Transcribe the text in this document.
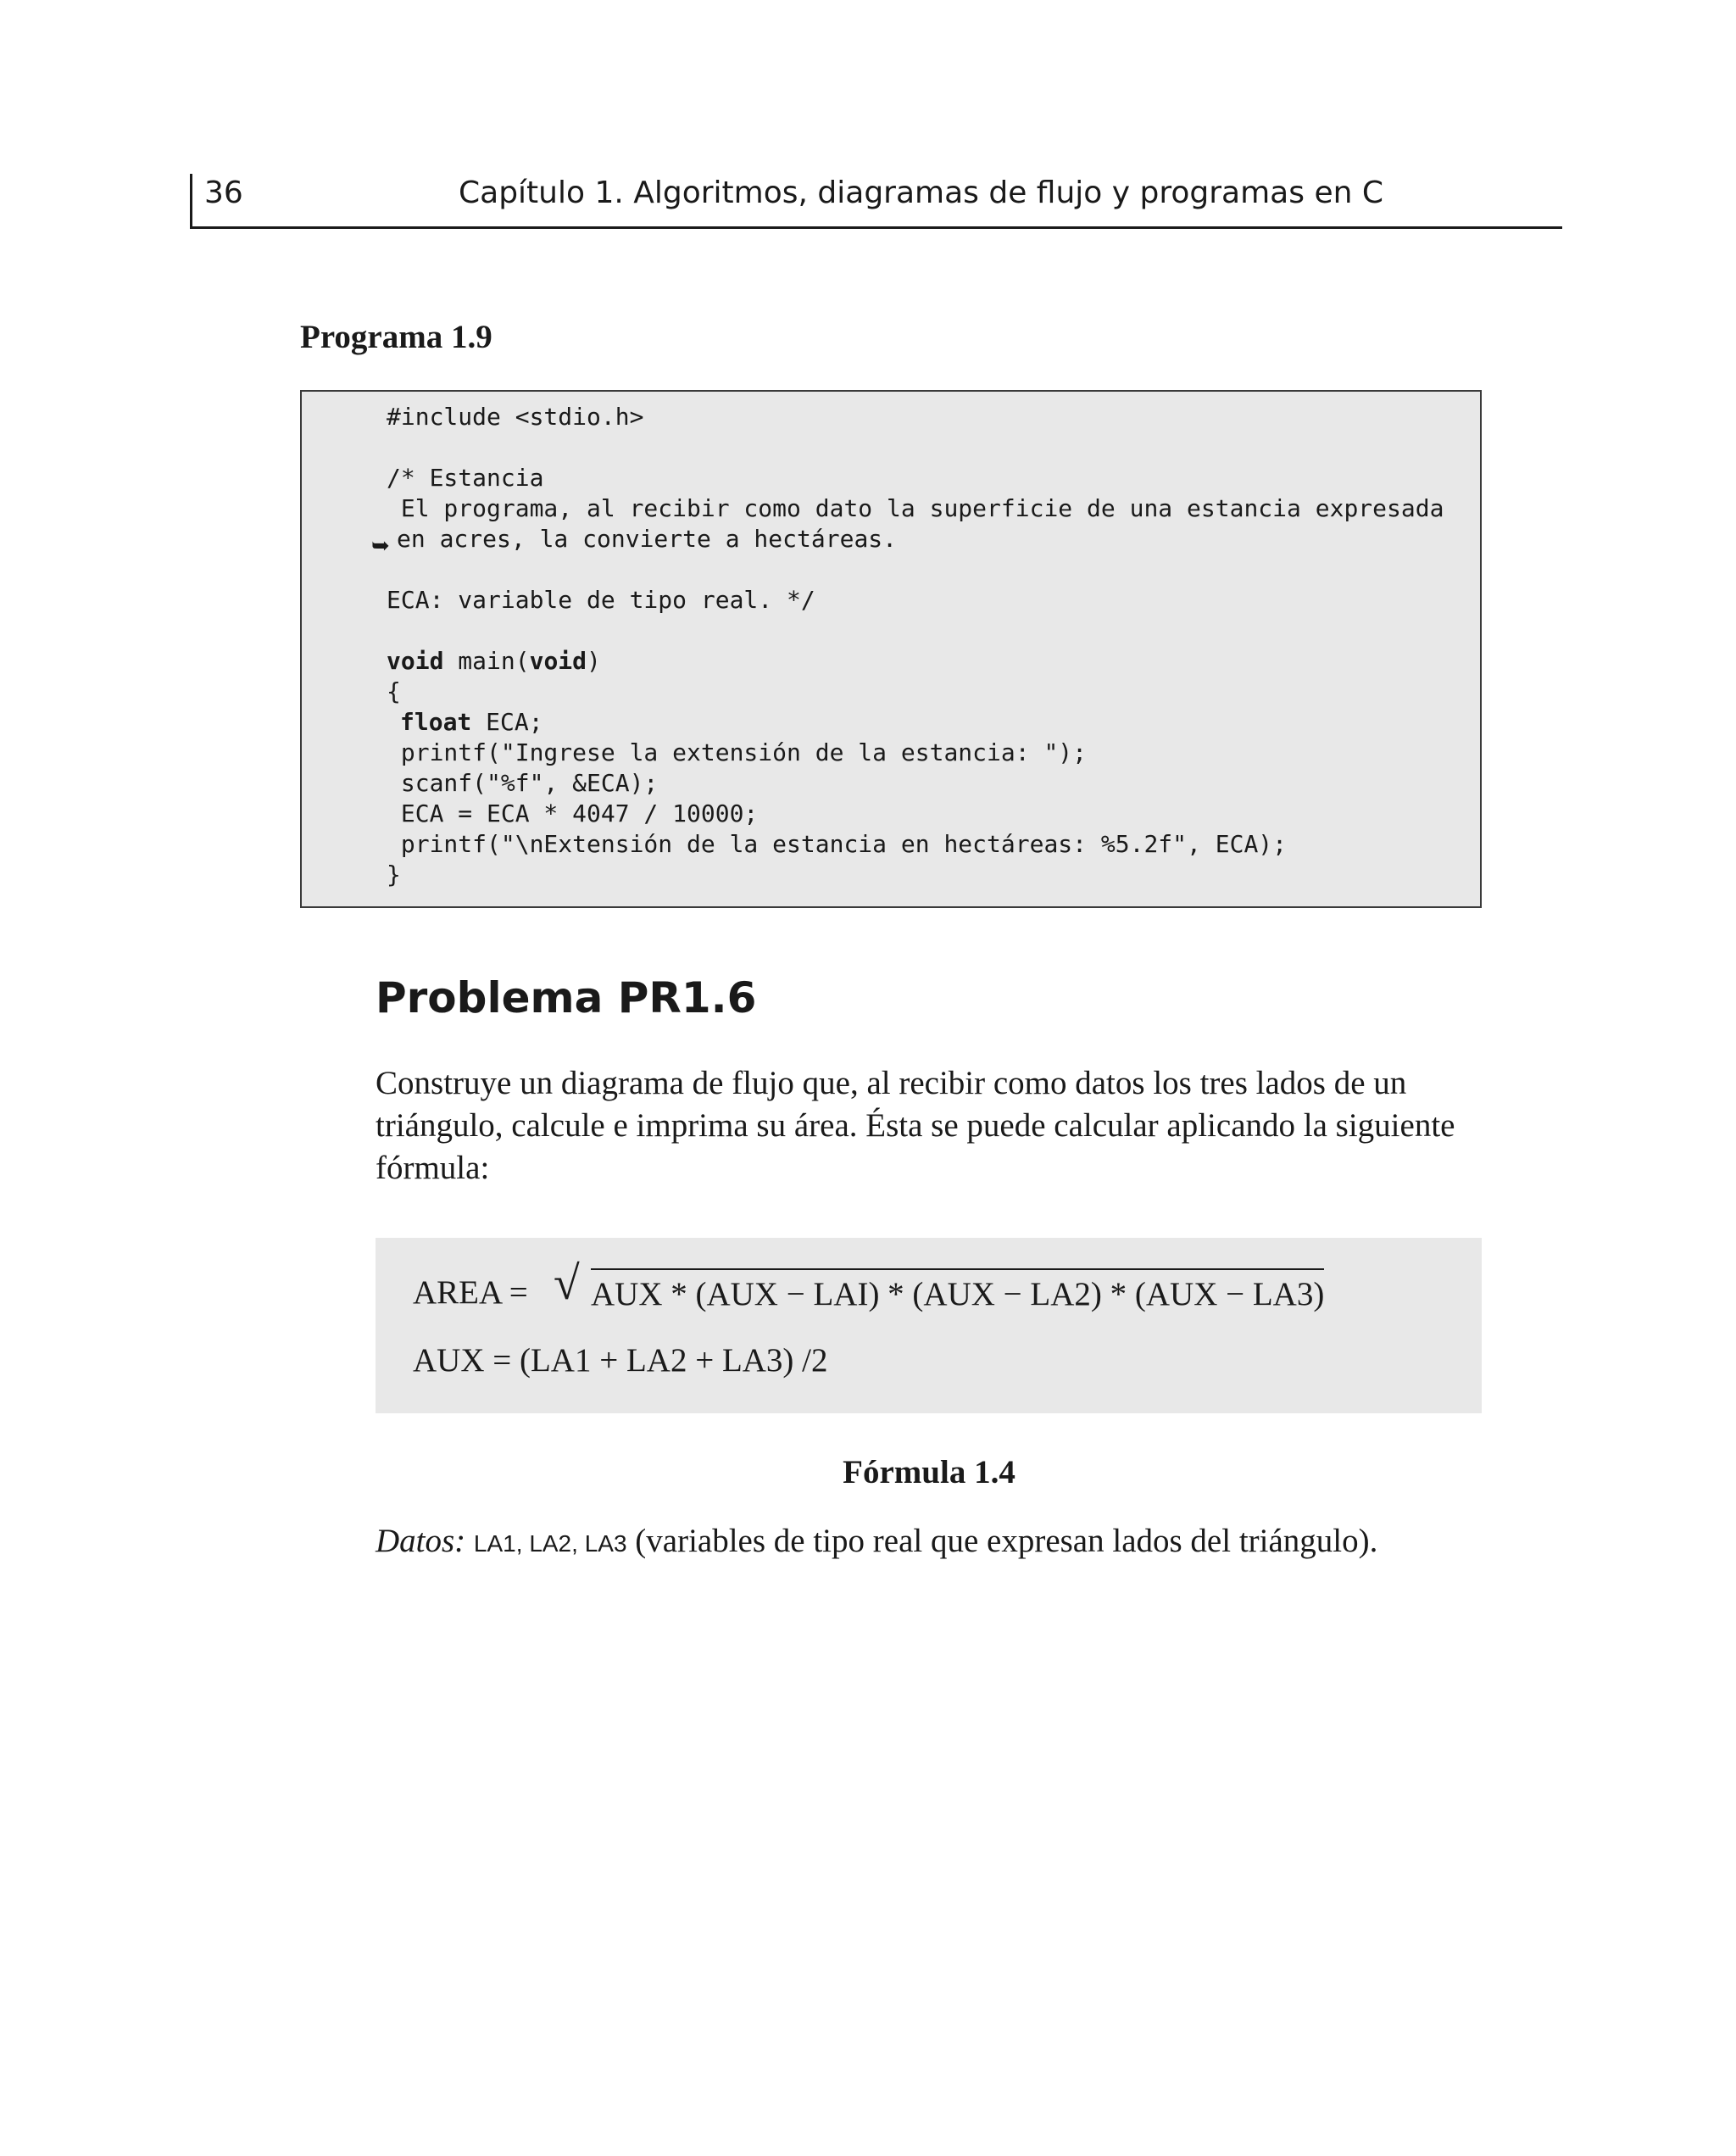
36	Capítulo 1. Algoritmos, diagramas de flujo y programas en C
Programa 1.9
#include <stdio.h>
/* Estancia
El programa, al recibir como dato la superficie de una estancia expresada
➥ en acres, la convierte a hectáreas.
ECA: variable de tipo real. */
void main(void)
{
float ECA;
printf("Ingrese la extensión de la estancia: ");
scanf("%f", &ECA);
ECA = ECA * 4047 / 10000;
printf("\nExtensión de la estancia en hectáreas: %5.2f", ECA);
}
Problema PR1.6
Construye un diagrama de flujo que, al recibir como datos los tres lados de un triángulo, calcule e imprima su área. Ésta se puede calcular aplicando la siguiente fórmula:
AREA = √ AUX * (AUX − LAI) * (AUX − LA2) * (AUX − LA3)
AUX = (LA1 + LA2 + LA3) /2
Fórmula 1.4
Datos: LA1, LA2, LA3 (variables de tipo real que expresan lados del triángulo).
